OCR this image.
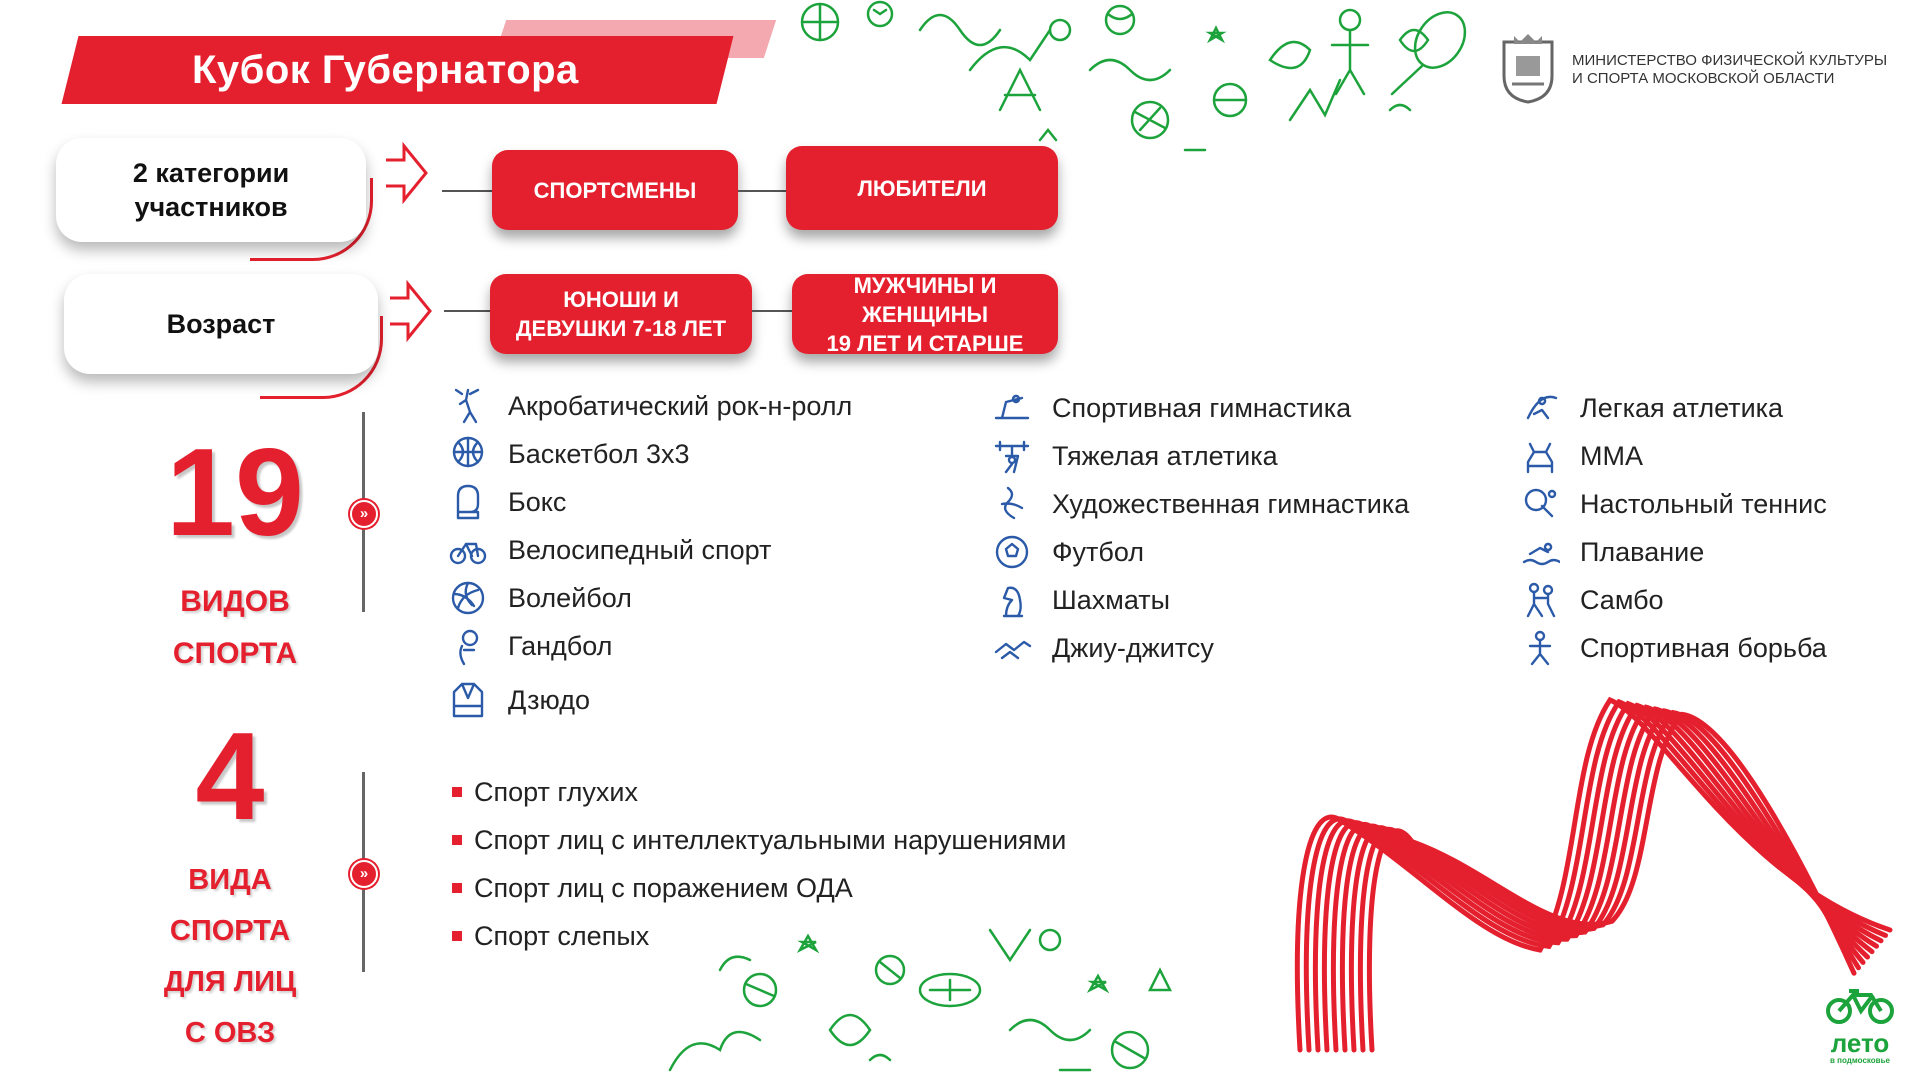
Кубок Губернатора	МИНИСТЕРСТВО ФИЗИЧЕСКОЙ КУЛЬТУРЫ
И СПОРТА МОСКОВСКОЙ ОБЛАСТИ
2 категории
участников
СПОРТСМЕНЫ	ЛЮБИТЕЛИ
Возраст
ЮНОШИ И
ДЕВУШКИ 7-18 ЛЕТ
МУЖЧИНЫ И ЖЕНЩИНЫ
19 ЛЕТ И СТАРШЕ
19
ВИДОВ
СПОРТА
»
Акробатический рок-н-ролл
Баскетбол 3х3
Бокс
Велосипедный спорт
Волейбол
Гандбол
Дзюдо
Спортивная гимнастика
Тяжелая атлетика
Художественная гимнастика
Футбол
Шахматы
Джиу-джитсу
Легкая атлетика
ММА
Настольный теннис
Плавание
Самбо
Спортивная борьба
4
ВИДА
СПОРТА
ДЛЯ ЛИЦ
С ОВЗ
»
Спорт глухих
Спорт лиц с интеллектуальными нарушениями
Спорт лиц с поражением ОДА
Спорт слепых
лето
в подмосковье
